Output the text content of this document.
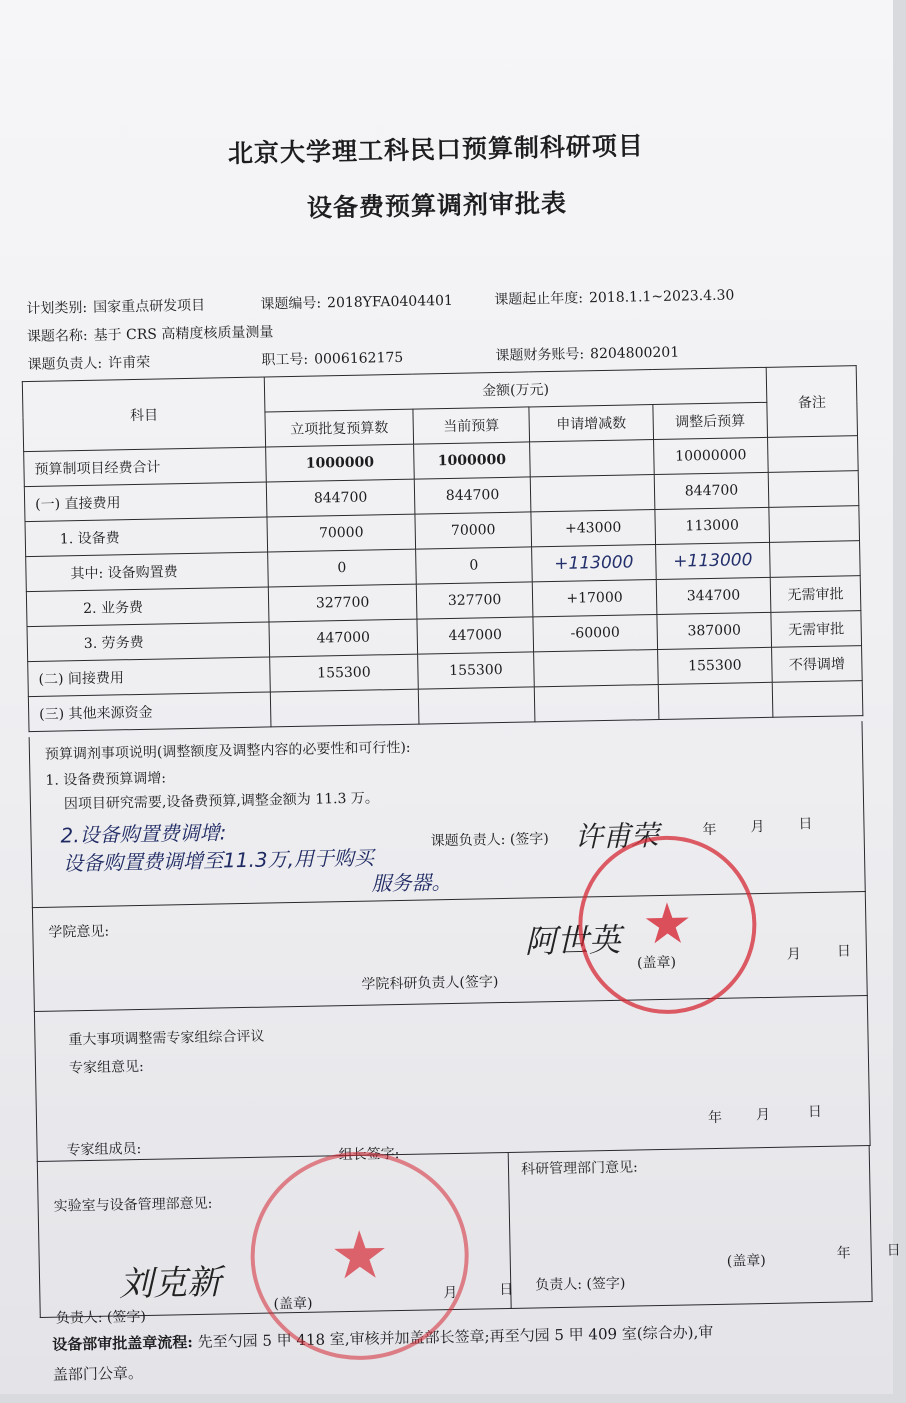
北京大学理工科民口预算制科研项目
设备费预算调剂审批表
计划类别: 国家重点研发项目	课题编号: 2018YFA0404401	课题起止年度: 2018.1.1~2023.4.30
课题名称: 基于 CRS 高精度核质量测量
课题负责人: 许甫荣	职工号: 0006162175	课题财务账号: 8204800201
科目	金额(万元)				备注
	立项批复预算数	当前预算	申请增减数	调整后预算	
预算制项目经费合计	1000000	1000000		10000000	
(一) 直接费用	844700	844700		844700	
1. 设备费	70000	70000	+43000	113000	
其中: 设备购置费	0	0	+113000	+113000	
2. 业务费	327700	327700	+17000	344700	无需审批
3. 劳务费	447000	447000	-60000	387000	无需审批
(二) 间接费用	155300	155300		155300	不得调增
(三) 其他来源资金					
预算调剂事项说明(调整额度及调整内容的必要性和可行性):
1. 设备费预算调增:
因项目研究需要,设备费预算,调整金额为 11.3 万。
2.设备购置费调增:
设备购置费调增至11.3万,用于购买
服务器。
课题负责人: (签字) 许甫荣	年 月 日
学院意见:
学院科研负责人(签字)
阿世英
(盖章)
月	日
重大事项调整需专家组综合评议
专家组意见:
年 月	日
专家组成员:	组长签字:
实验室与设备管理部意见:
科研管理部门意见:
刘克新
负责人: (签字)
(盖章)
月	日 负责人: (签字)
(盖章)	年	日
设备部审批盖章流程: 先至勺园 5 甲 418 室,审核并加盖部长签章;再至勺园 5 甲 409 室(综合办),审
盖部门公章。
★
★
